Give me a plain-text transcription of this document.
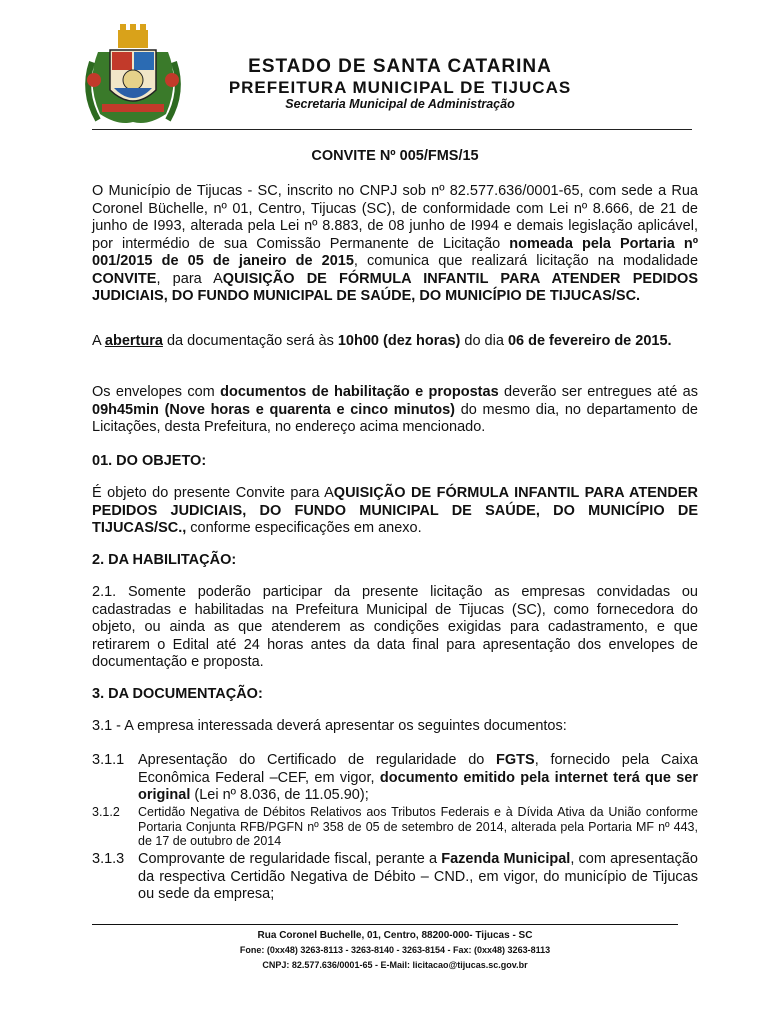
ESTADO DE SANTA CATARINA
PREFEITURA MUNICIPAL DE TIJUCAS
Secretaria Municipal de Administração
CONVITE Nº 005/FMS/15

O Município de Tijucas - SC, inscrito no CNPJ sob nº 82.577.636/0001-65, com sede a Rua Coronel Büchelle, nº 01, Centro, Tijucas (SC), de conformidade com Lei nº 8.666, de 21 de junho de I993, alterada pela Lei nº 8.883, de 08 junho de I994 e demais legislação aplicável, por intermédio de sua Comissão Permanente de Licitação nomeada pela Portaria nº 001/2015 de 05 de janeiro de 2015, comunica que realizará licitação na modalidade CONVITE, para AQUISIÇÃO DE FÓRMULA INFANTIL PARA ATENDER PEDIDOS JUDICIAIS, DO FUNDO MUNICIPAL DE SAÚDE, DO MUNICÍPIO DE TIJUCAS/SC.

A abertura da documentação será às 10h00 (dez horas) do dia 06 de fevereiro de 2015.

Os envelopes com documentos de habilitação e propostas deverão ser entregues até as 09h45min (Nove horas e quarenta e cinco minutos) do mesmo dia, no departamento de Licitações, desta Prefeitura, no endereço acima mencionado.

01. DO OBJETO:

É objeto do presente Convite para AQUISIÇÃO DE FÓRMULA INFANTIL PARA ATENDER PEDIDOS JUDICIAIS, DO FUNDO MUNICIPAL DE SAÚDE, DO MUNICÍPIO DE TIJUCAS/SC., conforme especificações em anexo.

2. DA HABILITAÇÃO:

2.1. Somente poderão participar da presente licitação as empresas convidadas ou cadastradas e habilitadas na Prefeitura Municipal de Tijucas (SC), como fornecedora do objeto, ou ainda as que atenderem as condições exigidas para cadastramento, e que retirarem o Edital até 24 horas antes da data final para apresentação dos envelopes de documentação e proposta.

3. DA DOCUMENTAÇÃO:
3.1 - A empresa interessada deverá apresentar os seguintes documentos:
3.1.1 Apresentação do Certificado de regularidade do FGTS, fornecido pela Caixa Econômica Federal –CEF, em vigor, documento emitido pela internet terá que ser original (Lei nº 8.036, de 11.05.90);

3.1.2 Certidão Negativa de Débitos Relativos aos Tributos Federais e à Dívida Ativa da União conforme Portaria Conjunta RFB/PGFN nº 358 de 05 de setembro de 2014, alterada pela Portaria MF nº 443, de 17 de outubro de 2014

3.1.3 Comprovante de regularidade fiscal, perante a Fazenda Municipal, com apresentação da respectiva Certidão Negativa de Débito – CND., em vigor, do município de Tijucas ou sede da empresa;

Rua Coronel Buchelle, 01, Centro, 88200-000- Tijucas - SC
Fone: (0xx48) 3263-8113 - 3263-8140 - 3263-8154 - Fax: (0xx48) 3263-8113
CNPJ: 82.577.636/0001-65 - E-Mail: licitacao@tijucas.sc.gov.br
